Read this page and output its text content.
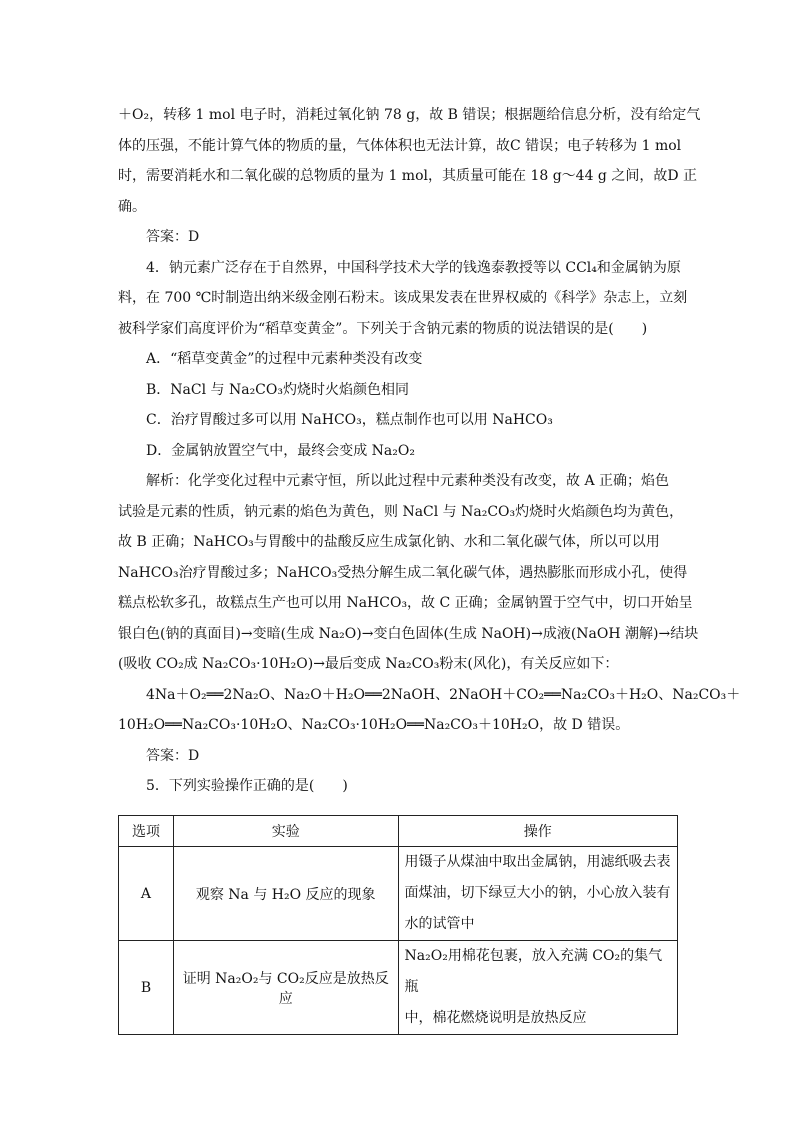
＋O₂，转移 1 mol 电子时，消耗过氧化钠 78 g，故 B 错误；根据题给信息分析，没有给定气
体的压强，不能计算气体的物质的量，气体体积也无法计算，故C 错误；电子转移为 1 mol
时，需要消耗水和二氧化碳的总物质的量为 1 mol，其质量可能在 18 g～44 g 之间，故D 正
确。
答案：D
4．钠元素广泛存在于自然界，中国科学技术大学的钱逸泰教授等以 CCl₄和金属钠为原
料，在 700 ℃时制造出纳米级金刚石粉末。该成果发表在世界权威的《科学》杂志上，立刻
被科学家们高度评价为“稻草变黄金”。下列关于含钠元素的物质的说法错误的是(　　)
A．“稻草变黄金”的过程中元素种类没有改变
B．NaCl 与 Na₂CO₃灼烧时火焰颜色相同
C．治疗胃酸过多可以用 NaHCO₃，糕点制作也可以用 NaHCO₃
D．金属钠放置空气中，最终会变成 Na₂O₂
解析：化学变化过程中元素守恒，所以此过程中元素种类没有改变，故 A 正确；焰色
试验是元素的性质，钠元素的焰色为黄色，则 NaCl 与 Na₂CO₃灼烧时火焰颜色均为黄色，
故 B 正确；NaHCO₃与胃酸中的盐酸反应生成氯化钠、水和二氧化碳气体，所以可以用
NaHCO₃治疗胃酸过多；NaHCO₃受热分解生成二氧化碳气体，遇热膨胀而形成小孔，使得
糕点松软多孔，故糕点生产也可以用 NaHCO₃，故 C 正确；金属钠置于空气中，切口开始呈
银白色(钠的真面目)→变暗(生成 Na₂O)→变白色固体(生成 NaOH)→成液(NaOH 潮解)→结块
(吸收 CO₂成 Na₂CO₃·10H₂O)→最后变成 Na₂CO₃粉末(风化)，有关反应如下：
4Na＋O₂══2Na₂O、Na₂O＋H₂O══2NaOH、2NaOH＋CO₂══Na₂CO₃＋H₂O、Na₂CO₃＋
10H₂O══Na₂CO₃·10H₂O、Na₂CO₃·10H₂O══Na₂CO₃＋10H₂O，故 D 错误。
答案：D
5．下列实验操作正确的是(　　)
选项	实验	操作
A	观察 Na 与 H₂O 反应的现象	用镊子从煤油中取出金属钠，用滤纸吸去表
面煤油，切下绿豆大小的钠，小心放入装有
水的试管中

B	证明 Na₂O₂与 CO₂反应是放热反应	Na₂O₂用棉花包裹，放入充满 CO₂的集气瓶
中，棉花燃烧说明是放热反应
